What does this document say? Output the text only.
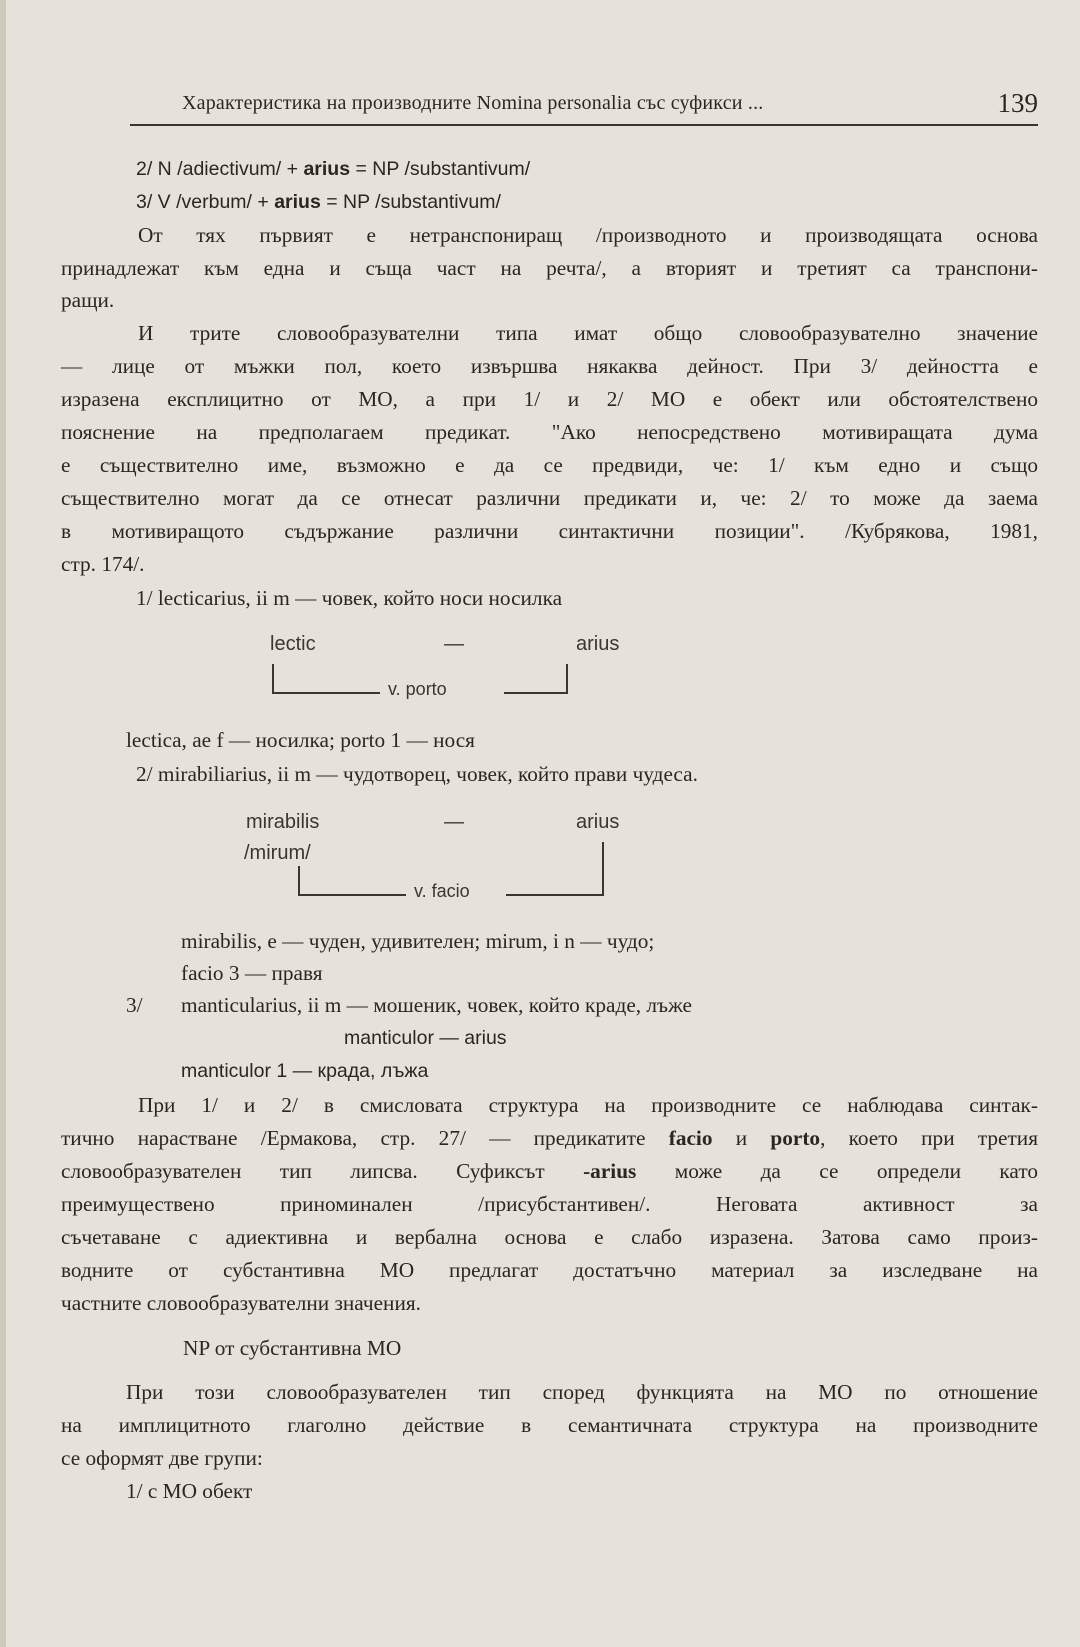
Характеристика на производните Nomina personalia със суфикси ...	139
2/ N /adiectivum/ + arius = NP /substantivum/
3/ V /verbum/ + arius = NP /substantivum/
От тях първият е нетранспониращ /производното и производящата основа
принадлежат към една и съща част на речта/, а вторият и третият са транспони-
ращи.
И трите словообразувателни типа имат общо словообразувателно значение
— лице от мъжки пол, което извършва някаква дейност. При 3/ дейността е
изразена експлицитно от МО, а при 1/ и 2/ МО е обект или обстоятелствено
пояснение на предполагаем предикат. "Ако непосредствено мотивиращата дума
е съществително име, възможно е да се предвиди, че: 1/ към едно и също
съществително могат да се отнесат различни предикати и, че: 2/ то може да заема
в мотивиращото съдържание различни синтактични позиции". /Кубрякова, 1981,
стр. 174/.
1/ lecticarius, ii m — човек, който носи носилка
lectic	—	arius
v. porto
lectica, ae f — носилка; porto 1 — нося
2/ mirabiliarius, ii m — чудотворец, човек, който прави чудеса.
mirabilis	—	arius
/mirum/
v. facio
mirabilis, e — чуден, удивителен; mirum, i n — чудо;
facio 3 — правя
3/ manticularius, ii m — мошеник, човек, който краде, лъже
manticulor — arius
manticulor 1 — крада, лъжа
При 1/ и 2/ в смисловата структура на производните се наблюдава синтак-
тично нарастване /Ермакова, стр. 27/ — предикатите facio и porto, което при третия
словообразувателен тип липсва. Суфиксът -arius може да се определи като
преимуществено приноминален /присубстантивен/. Неговата активност за
съчетаване с адиективна и вербална основа е слабо изразена. Затова само произ-
водните от субстантивна МО предлагат достатъчно материал за изследване на
частните словообразувателни значения.
NP от субстантивна МО
При този словообразувателен тип според функцията на МО по отношение
на имплицитното глаголно действие в семантичната структура на производните
се оформят две групи:
1/ с МО обект
